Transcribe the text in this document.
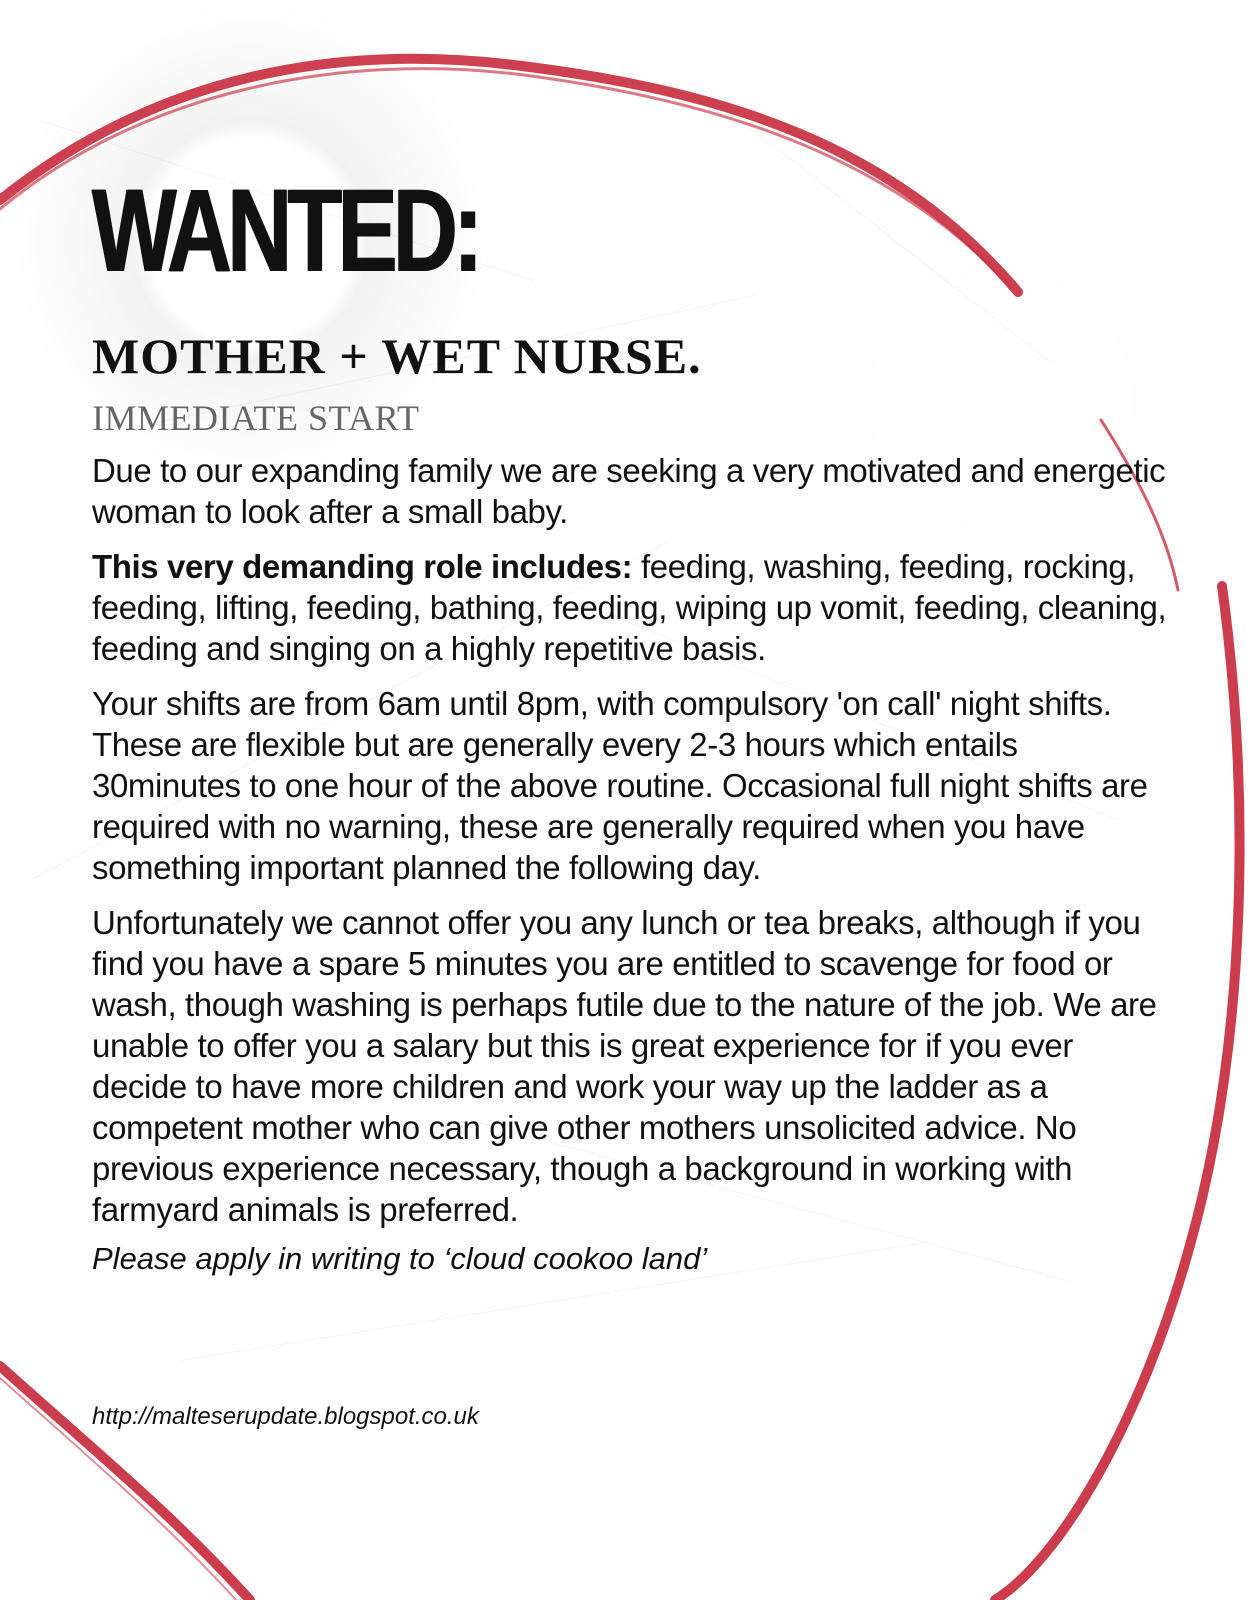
WANTED:
MOTHER + WET NURSE.
IMMEDIATE START

Due to our expanding family we are seeking a very motivated and energetic woman to look after a small baby.

This very demanding role includes: feeding, washing, feeding, rocking, feeding, lifting, feeding, bathing, feeding, wiping up vomit, feeding, cleaning, feeding and singing on a highly repetitive basis.

Your shifts are from 6am until 8pm, with compulsory 'on call' night shifts. These are flexible but are generally every 2-3 hours which entails 30minutes to one hour of the above routine. Occasional full night shifts are required with no warning, these are generally required when you have something important planned the following day.

Unfortunately we cannot offer you any lunch or tea breaks, although if you find you have a spare 5 minutes you are entitled to scavenge for food or wash, though washing is perhaps futile due to the nature of the job. We are unable to offer you a salary but this is great experience for if you ever decide to have more children and work your way up the ladder as a competent mother who can give other mothers unsolicited advice. No previous experience necessary, though a background in working with farmyard animals is preferred.

Please apply in writing to ‘cloud cookoo land’

http://malteserupdate.blogspot.co.uk
